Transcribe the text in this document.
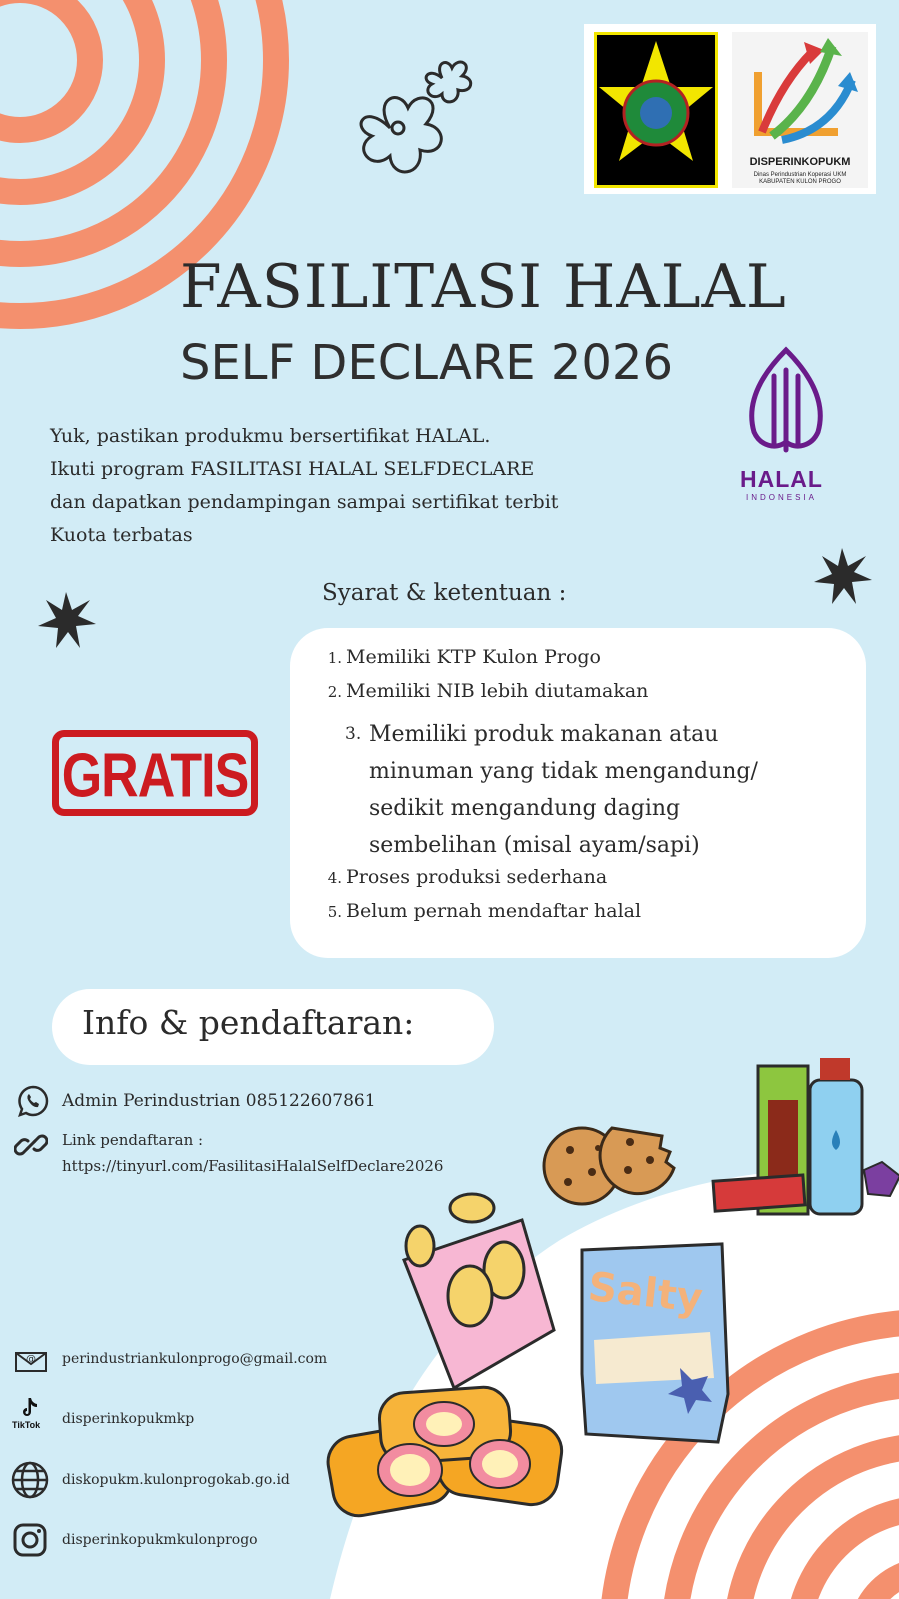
DISPERINKOPUKM
Dinas Perindustrian Koperasi UKM
KABUPATEN KULON PROGO
FASILITASI HALAL
SELF DECLARE 2026
HALAL
INDONESIA
Yuk, pastikan produkmu bersertifikat HALAL.
Ikuti program FASILITASI HALAL SELFDECLARE
dan dapatkan pendampingan sampai sertifikat terbit
Kuota terbatas
Syarat & ketentuan :
1. Memiliki KTP Kulon Progo
2. Memiliki NIB lebih diutamakan
3. Memiliki produk makanan atau
minuman yang tidak mengandung/
sedikit mengandung daging
sembelihan (misal ayam/sapi)
4. Proses produksi sederhana
5. Belum pernah mendaftar halal
GRATIS
Info & pendaftaran:
Admin Perindustrian 085122607861
Link pendaftaran :
https://tinyurl.com/FasilitasiHalalSelfDeclare2026
@ perindustriankulonprogo@gmail.com
TikTok disperinkopukmkp
diskopukm.kulonprogokab.go.id
disperinkopukmkulonprogo
Salty
